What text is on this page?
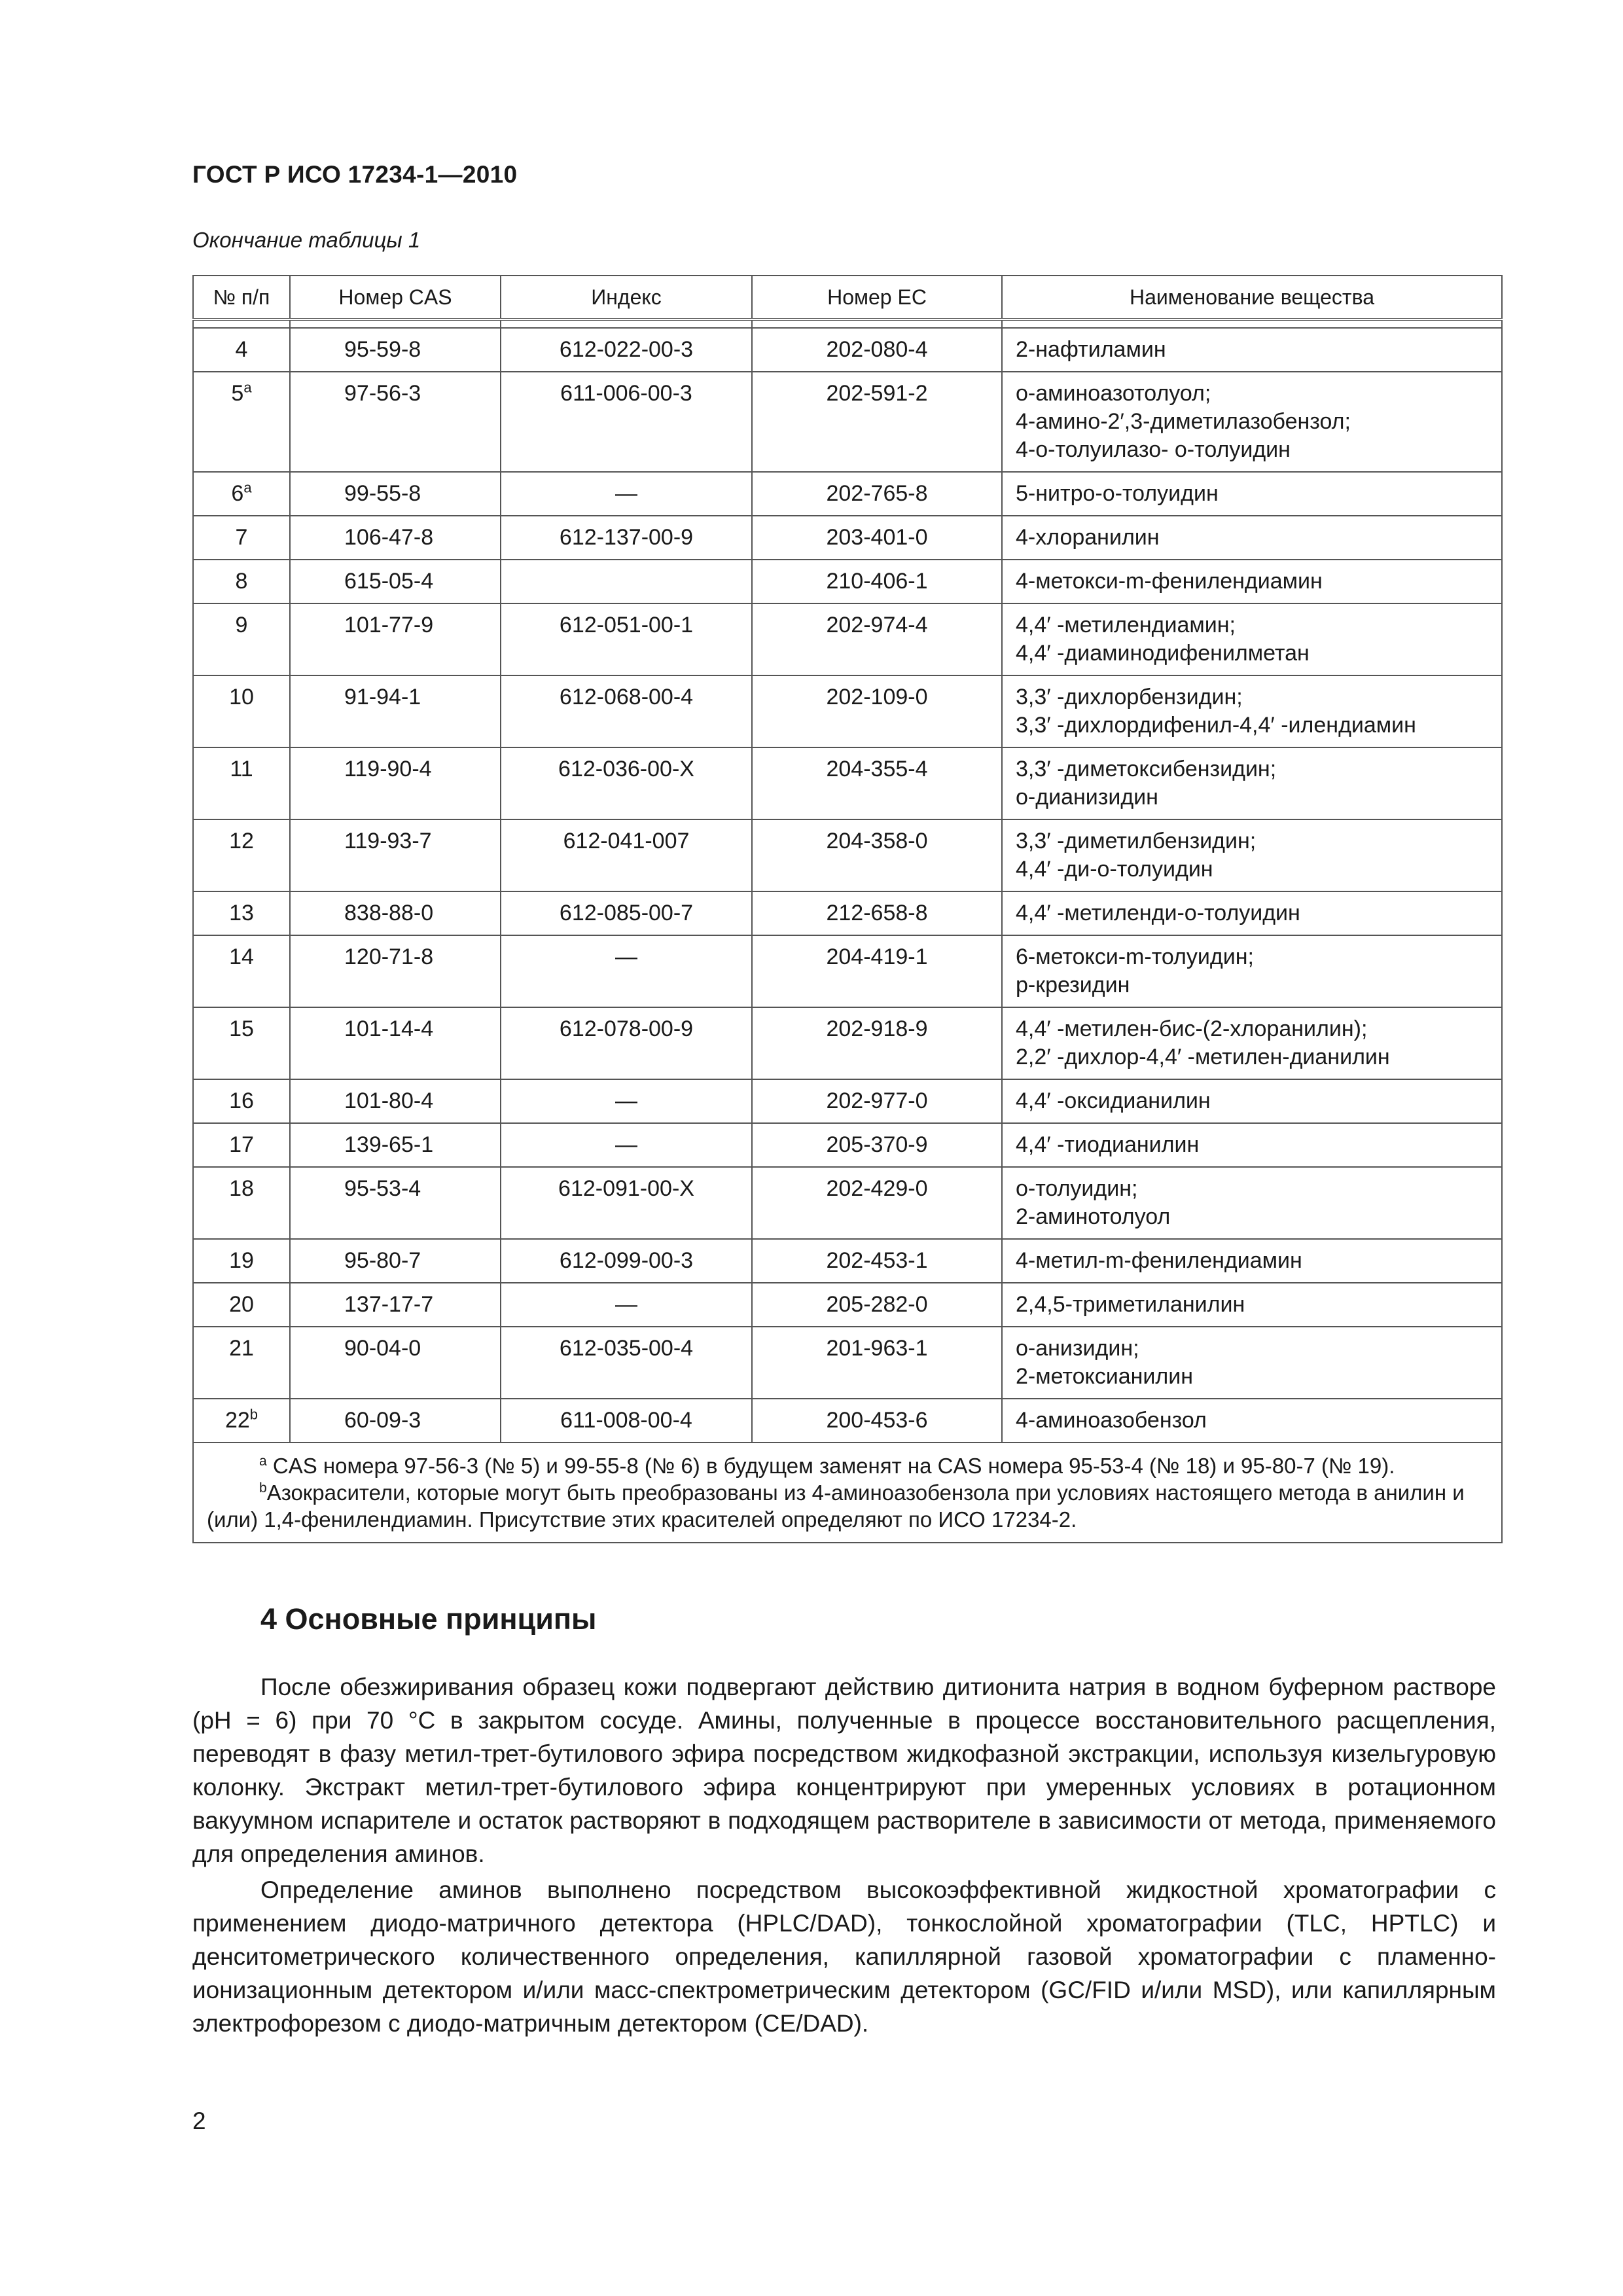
ГОСТ Р ИСО 17234-1—2010
Окончание таблицы 1
№ п/п	Номер CAS	Индекс	Номер ЕС	Наименование вещества

4	95-59-8	612-022-00-3	202-080-4	2-нафтиламин

5$^a$	97-56-3	611-006-00-3	202-591-2	о-аминоазотолуол;
4-амино-2′,3-диметилазобензол;
4-о-толуилазо- о-толуидин

6$^a$	99-55-8	—	202-765-8	5-нитро-о-толуидин

7	106-47-8	612-137-00-9	203-401-0	4-хлоранилин

8	615-05-4		210-406-1	4-метокси-m-фенилендиамин

9	101-77-9	612-051-00-1	202-974-4	4,4′ -метилендиамин;
4,4′ -диаминодифенилметан

10	91-94-1	612-068-00-4	202-109-0	3,3′ -дихлорбензидин;
3,3′ -дихлордифенил-4,4′ -илендиамин

11	119-90-4	612-036-00-X	204-355-4	3,3′ -диметоксибензидин;
о-дианизидин

12	119-93-7	612-041-007	204-358-0	3,3′ -диметилбензидин;
4,4′ -ди-о-толуидин

13	838-88-0	612-085-00-7	212-658-8	4,4′ -метиленди-о-толуидин

14	120-71-8	—	204-419-1	6-метокси-m-толуидин;
р-крезидин

15	101-14-4	612-078-00-9	202-918-9	4,4′ -метилен-бис-(2-хлоранилин);
2,2′ -дихлор-4,4′ -метилен-дианилин

16	101-80-4	—	202-977-0	4,4′ -оксидианилин

17	139-65-1	—	205-370-9	4,4′ -тиодианилин

18	95-53-4	612-091-00-X	202-429-0	о-толуидин;
2-аминотолуол

19	95-80-7	612-099-00-3	202-453-1	4-метил-m-фенилендиамин

20	137-17-7	—	205-282-0	2,4,5-триметиланилин

21	90-04-0	612-035-00-4	201-963-1	о-анизидин;
2-метоксианилин

22$^b$	60-09-3	611-008-00-4	200-453-6	4-аминоазобензол

$^a$ CAS номера 97-56-3 (№ 5) и 99-55-8 (№ 6) в будущем заменят на CAS номера 95-53-4 (№ 18) и 95-80-7 (№ 19).
$^b$Азокрасители, которые могут быть преобразованы из 4-аминоазобензола при условиях настоящего метода в анилин и (или) 1,4-фенилендиамин. Присутствие этих красителей определяют по ИСО 17234-2.				
4 Основные принципы

После обезжиривания образец кожи подвергают действию дитионита натрия в водном буферном растворе (pH = 6) при 70 °С в закрытом сосуде. Амины, полученные в процессе восстановительного расщепления, переводят в фазу метил-трет-бутилового эфира посредством жидкофазной экстракции, используя кизельгуровую колонку. Экстракт метил-трет-бутилового эфира концентрируют при умеренных условиях в ротационном вакуумном испарителе и остаток растворяют в подходящем растворителе в зависимости от метода, применяемого для определения аминов.

Определение аминов выполнено посредством высокоэффективной жидкостной хроматографии с применением диодо-матричного детектора (HPLC/DAD), тонкослойной хроматографии (TLC, HPTLC) и денситометрического количественного определения, капиллярной газовой хроматографии с пламенно-ионизационным детектором и/или масс-спектрометрическим детектором (GC/FID и/или MSD), или капиллярным электрофорезом с диодо-матричным детектором (CE/DAD).

2
